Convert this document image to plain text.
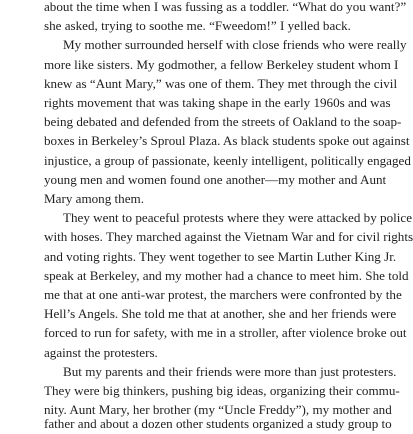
about the time when I was fussing as a toddler. “What do you want?”
she asked, trying to soothe me. “Fweedom!” I yelled back.
My mother surrounded herself with close friends who were really
more like sisters. My godmother, a fellow Berkeley student whom I
knew as “Aunt Mary,” was one of them. They met through the civil
rights movement that was taking shape in the early 1960s and was
being debated and defended from the streets of Oakland to the soap-
boxes in Berkeley’s Sproul Plaza. As black students spoke out against
injustice, a group of passionate, keenly intelligent, politically engaged
young men and women found one another—my mother and Aunt
Mary among them.
They went to peaceful protests where they were attacked by police
with hoses. They marched against the Vietnam War and for civil rights
and voting rights. They went together to see Martin Luther King Jr.
speak at Berkeley, and my mother had a chance to meet him. She told
me that at one anti-war protest, the marchers were confronted by the
Hell’s Angels. She told me that at another, she and her friends were
forced to run for safety, with me in a stroller, after violence broke out
against the protesters.
But my parents and their friends were more than just protesters.
They were big thinkers, pushing big ideas, organizing their commu-
nity. Aunt Mary, her brother (my “Uncle Freddy”), my mother and
father and about a dozen other students organized a study group to
